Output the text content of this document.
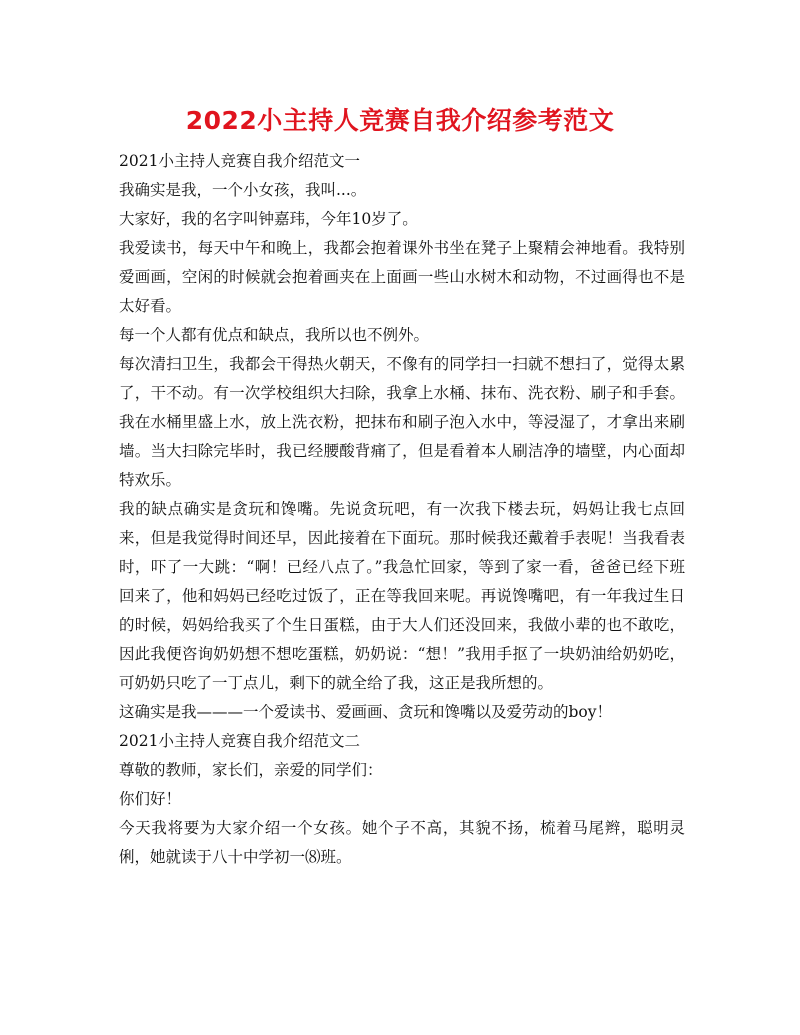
2022小主持人竞赛自我介绍参考范文

2021小主持人竞赛自我介绍范文一

我确实是我，一个小女孩，我叫...。

大家好，我的名字叫钟嘉玮，今年10岁了。

我爱读书，每天中午和晚上，我都会抱着课外书坐在凳子上聚精会神地看。我特别爱画画，空闲的时候就会抱着画夹在上面画一些山水树木和动物，不过画得也不是太好看。

每一个人都有优点和缺点，我所以也不例外。

每次清扫卫生，我都会干得热火朝天，不像有的同学扫一扫就不想扫了，觉得太累了，干不动。有一次学校组织大扫除，我拿上水桶、抹布、洗衣粉、刷子和手套。我在水桶里盛上水，放上洗衣粉，把抹布和刷子泡入水中，等浸湿了，才拿出来刷墙。当大扫除完毕时，我已经腰酸背痛了，但是看着本人刷洁净的墙壁，内心面却特欢乐。

我的缺点确实是贪玩和馋嘴。先说贪玩吧，有一次我下楼去玩，妈妈让我七点回来，但是我觉得时间还早，因此接着在下面玩。那时候我还戴着手表呢！当我看表时，吓了一大跳：“啊！已经八点了。”我急忙回家，等到了家一看，爸爸已经下班回来了，他和妈妈已经吃过饭了，正在等我回来呢。再说馋嘴吧，有一年我过生日的时候，妈妈给我买了个生日蛋糕，由于大人们还没回来，我做小辈的也不敢吃，因此我便咨询奶奶想不想吃蛋糕，奶奶说：“想！”我用手抠了一块奶油给奶奶吃，可奶奶只吃了一丁点儿，剩下的就全给了我，这正是我所想的。

这确实是我———一个爱读书、爱画画、贪玩和馋嘴以及爱劳动的boy！

2021小主持人竞赛自我介绍范文二

尊敬的教师，家长们，亲爱的同学们：

你们好！

今天我将要为大家介绍一个女孩。她个子不高，其貌不扬，梳着马尾辫，聪明灵俐，她就读于八十中学初一⑻班。
